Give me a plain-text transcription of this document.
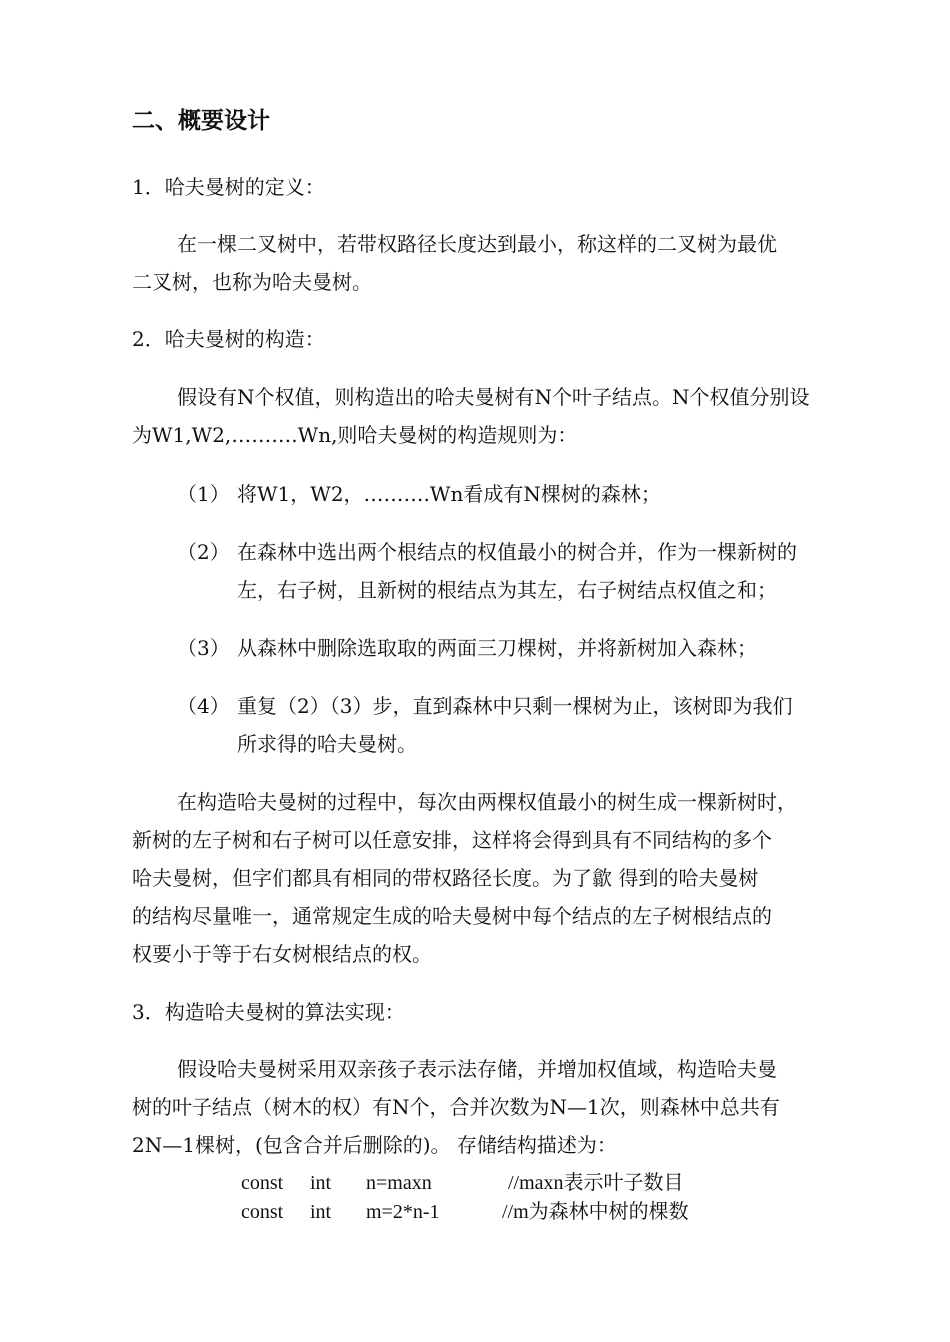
二、概要设计
1．哈夫曼树的定义：
在一棵二叉树中，若带权路径长度达到最小，称这样的二叉树为最优
二叉树，也称为哈夫曼树。
2．哈夫曼树的构造：
假设有N个权值，则构造出的哈夫曼树有N个叶子结点。N个权值分别设
为W1,W2,……….Wn,则哈夫曼树的构造规则为：
（1） 将W1，W2，……….Wn看成有N棵树的森林；
（2） 在森林中选出两个根结点的权值最小的树合并，作为一棵新树的
左，右子树，且新树的根结点为其左，右子树结点权值之和；
（3） 从森林中删除选取取的两面三刀棵树，并将新树加入森林；
（4） 重复（2）（3）步，直到森林中只剩一棵树为止，该树即为我们
所求得的哈夫曼树。
在构造哈夫曼树的过程中，每次由两棵权值最小的树生成一棵新树时，
新树的左子树和右子树可以任意安排，这样将会得到具有不同结构的多个
哈夫曼树，但字们都具有相同的带权路径长度。为了歙 得到的哈夫曼树
的结构尽量唯一，通常规定生成的哈夫曼树中每个结点的左子树根结点的
权要小于等于右女树根结点的权。
3．构造哈夫曼树的算法实现：
假设哈夫曼树采用双亲孩子表示法存储，并增加权值域，构造哈夫曼
树的叶子结点（树木的权）有N个，合并次数为N—1次，则森林中总共有
2N—1棵树，(包含合并后删除的)。 存储结构描述为：
const int n=maxn	//maxn表示叶子数目
const int m=2*n-1	//m为森林中树的棵数
